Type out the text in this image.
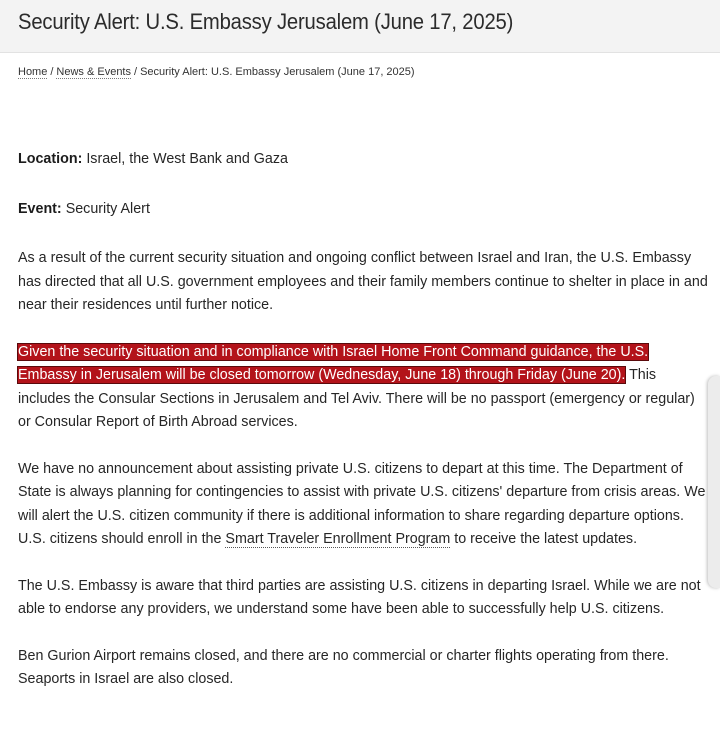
Security Alert: U.S. Embassy Jerusalem (June 17, 2025)
Home / News & Events / Security Alert: U.S. Embassy Jerusalem (June 17, 2025)

Location: Israel, the West Bank and Gaza

Event: Security Alert

As a result of the current security situation and ongoing conflict between Israel and Iran, the U.S. Embassy has directed that all U.S. government employees and their family members continue to shelter in place in and near their residences until further notice.

Given the security situation and in compliance with Israel Home Front Command guidance, the U.S. Embassy in Jerusalem will be closed tomorrow (Wednesday, June 18) through Friday (June 20). This includes the Consular Sections in Jerusalem and Tel Aviv. There will be no passport (emergency or regular) or Consular Report of Birth Abroad services.

We have no announcement about assisting private U.S. citizens to depart at this time. The Department of State is always planning for contingencies to assist with private U.S. citizens' departure from crisis areas. We will alert the U.S. citizen community if there is additional information to share regarding departure options. U.S. citizens should enroll in the Smart Traveler Enrollment Program to receive the latest updates.

The U.S. Embassy is aware that third parties are assisting U.S. citizens in departing Israel. While we are not able to endorse any providers, we understand some have been able to successfully help U.S. citizens.

Ben Gurion Airport remains closed, and there are no commercial or charter flights operating from there. Seaports in Israel are also closed.
